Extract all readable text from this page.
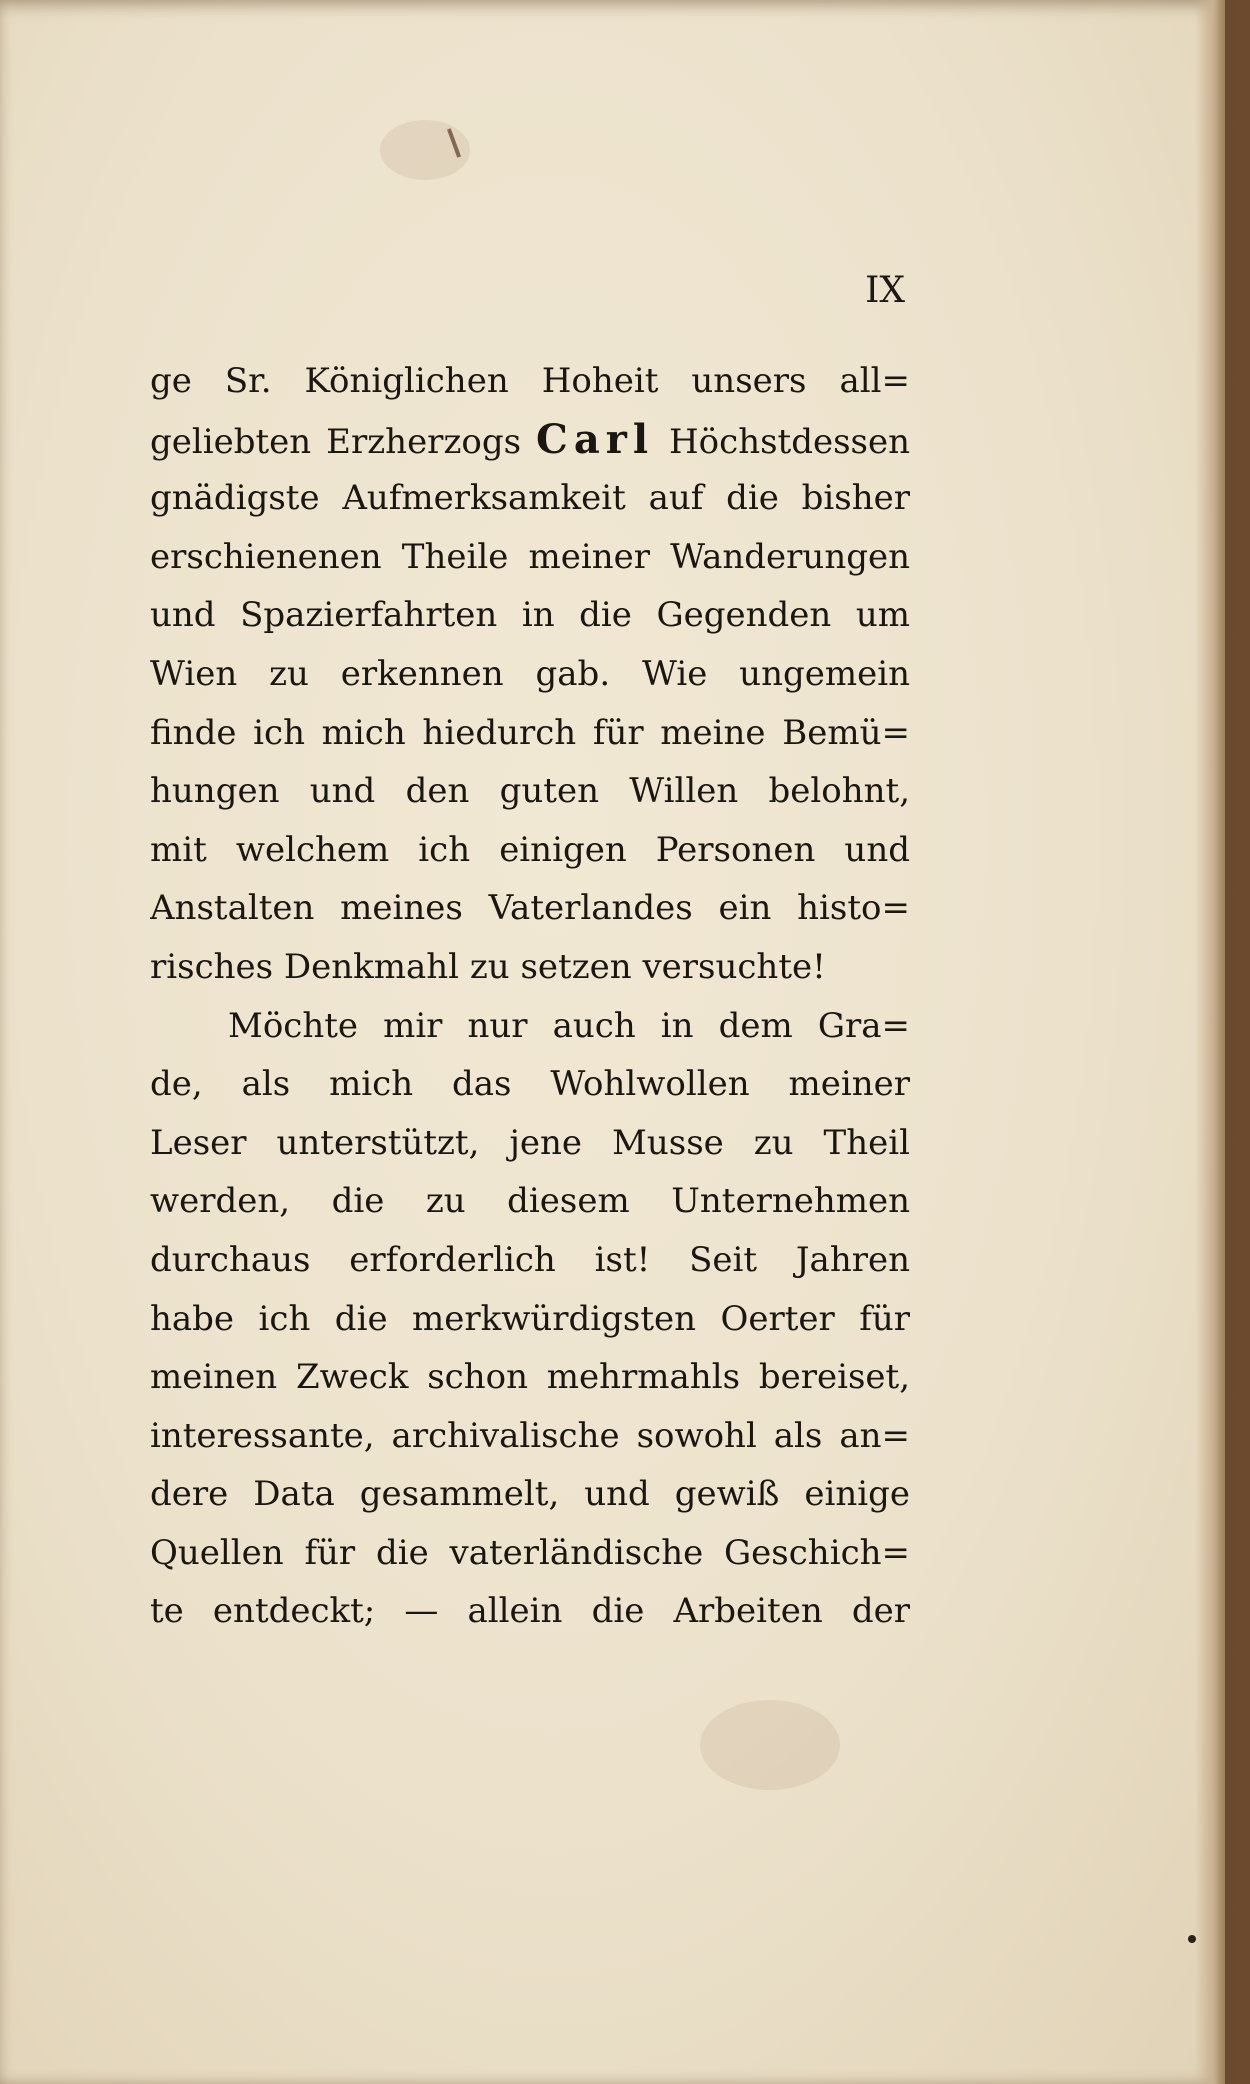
IX
ge Sr. Königlichen Hoheit unsers all=
geliebten Erzherzogs Carl Höchstdessen
gnädigste Aufmerksamkeit auf die bisher
erschienenen Theile meiner Wanderungen
und Spazierfahrten in die Gegenden um
Wien zu erkennen gab. Wie ungemein
finde ich mich hiedurch für meine Bemü=
hungen und den guten Willen belohnt,
mit welchem ich einigen Personen und
Anstalten meines Vaterlandes ein histo=
risches Denkmahl zu setzen versuchte!
Möchte mir nur auch in dem Gra=
de, als mich das Wohlwollen meiner
Leser unterstützt, jene Musse zu Theil
werden, die zu diesem Unternehmen
durchaus erforderlich ist! Seit Jahren
habe ich die merkwürdigsten Oerter für
meinen Zweck schon mehrmahls bereiset,
interessante, archivalische sowohl als an=
dere Data gesammelt, und gewiß einige
Quellen für die vaterländische Geschich=
te entdeckt; — allein die Arbeiten der
